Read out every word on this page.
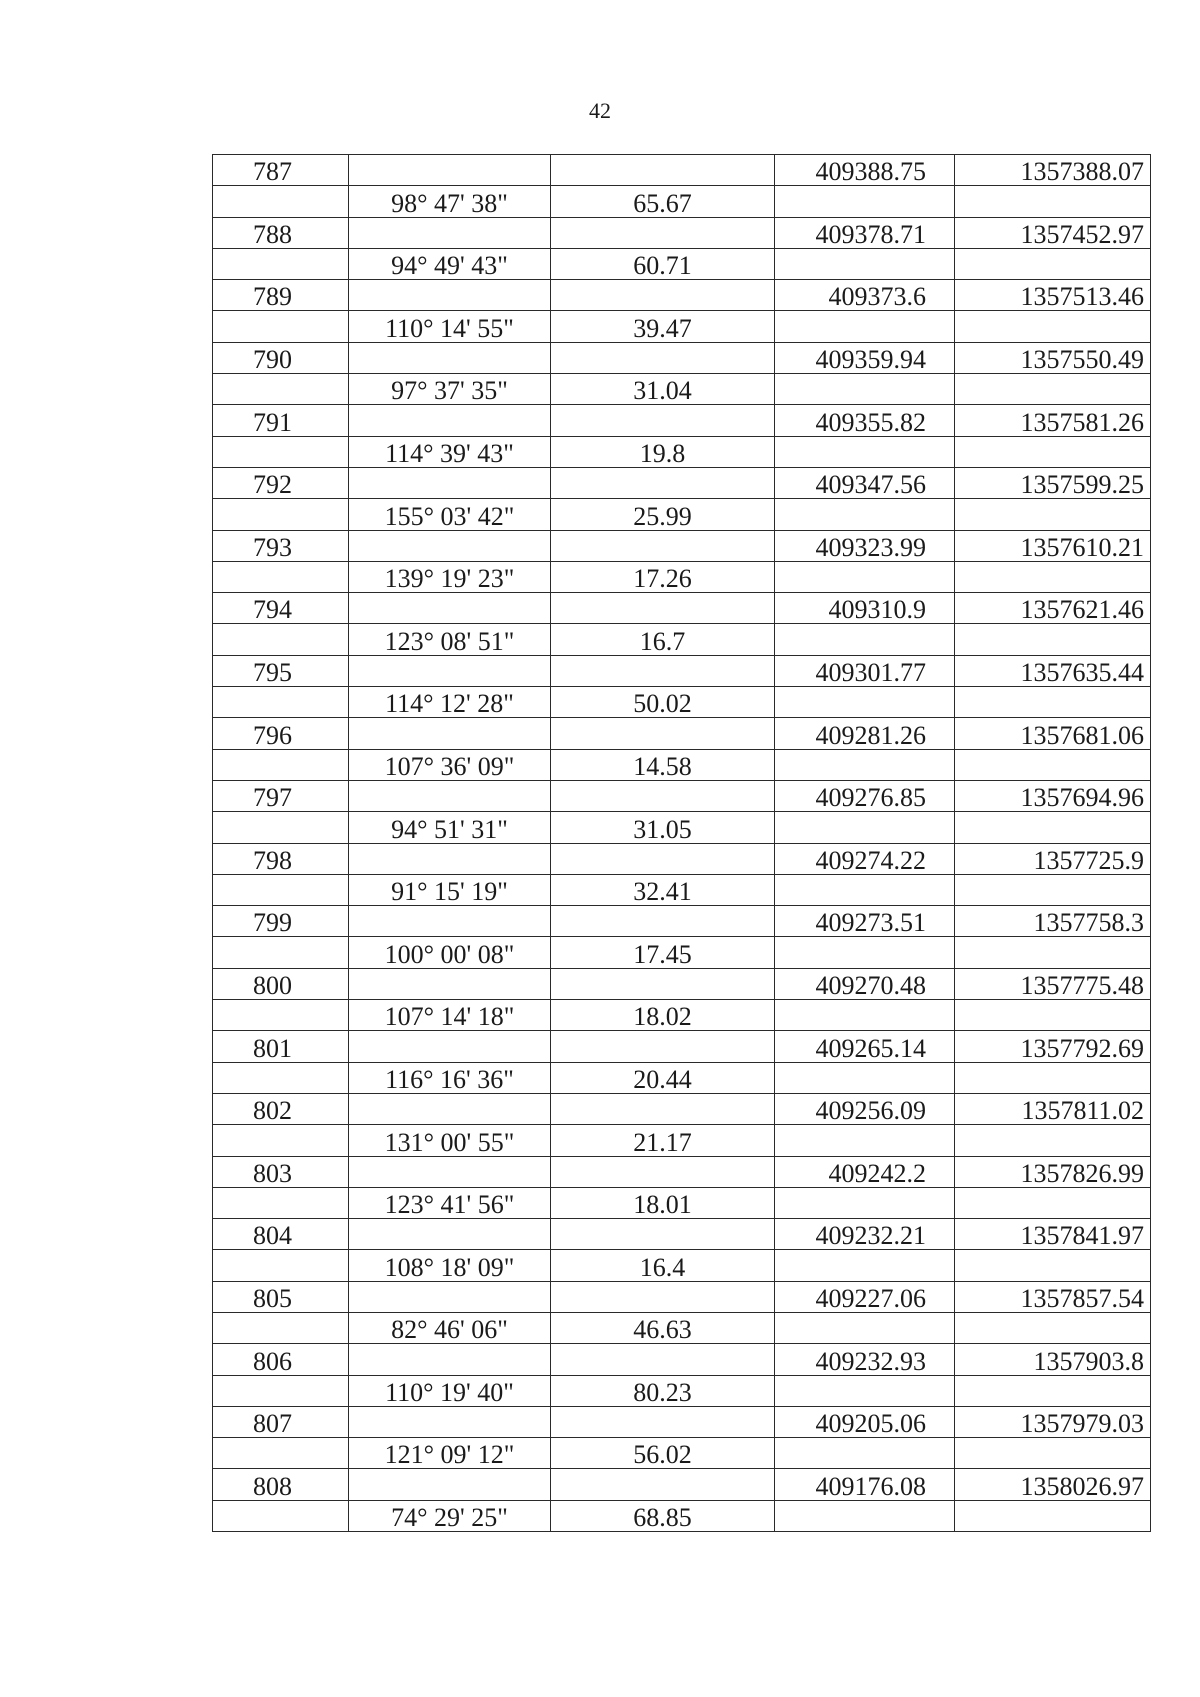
42
787			409388.75	1357388.07
	98° 47' 38"	65.67		
788			409378.71	1357452.97
	94° 49' 43"	60.71		
789			409373.6	1357513.46
	110° 14' 55"	39.47		
790			409359.94	1357550.49
	97° 37' 35"	31.04		
791			409355.82	1357581.26
	114° 39' 43"	19.8		
792			409347.56	1357599.25
	155° 03' 42"	25.99		
793			409323.99	1357610.21
	139° 19' 23"	17.26		
794			409310.9	1357621.46
	123° 08' 51"	16.7		
795			409301.77	1357635.44
	114° 12' 28"	50.02		
796			409281.26	1357681.06
	107° 36' 09"	14.58		
797			409276.85	1357694.96
	94° 51' 31"	31.05		
798			409274.22	1357725.9
	91° 15' 19"	32.41		
799			409273.51	1357758.3
	100° 00' 08"	17.45		
800			409270.48	1357775.48
	107° 14' 18"	18.02		
801			409265.14	1357792.69
	116° 16' 36"	20.44		
802			409256.09	1357811.02
	131° 00' 55"	21.17		
803			409242.2	1357826.99
	123° 41' 56"	18.01		
804			409232.21	1357841.97
	108° 18' 09"	16.4		
805			409227.06	1357857.54
	82° 46' 06"	46.63		
806			409232.93	1357903.8
	110° 19' 40"	80.23		
807			409205.06	1357979.03
	121° 09' 12"	56.02		
808			409176.08	1358026.97
	74° 29' 25"	68.85		
